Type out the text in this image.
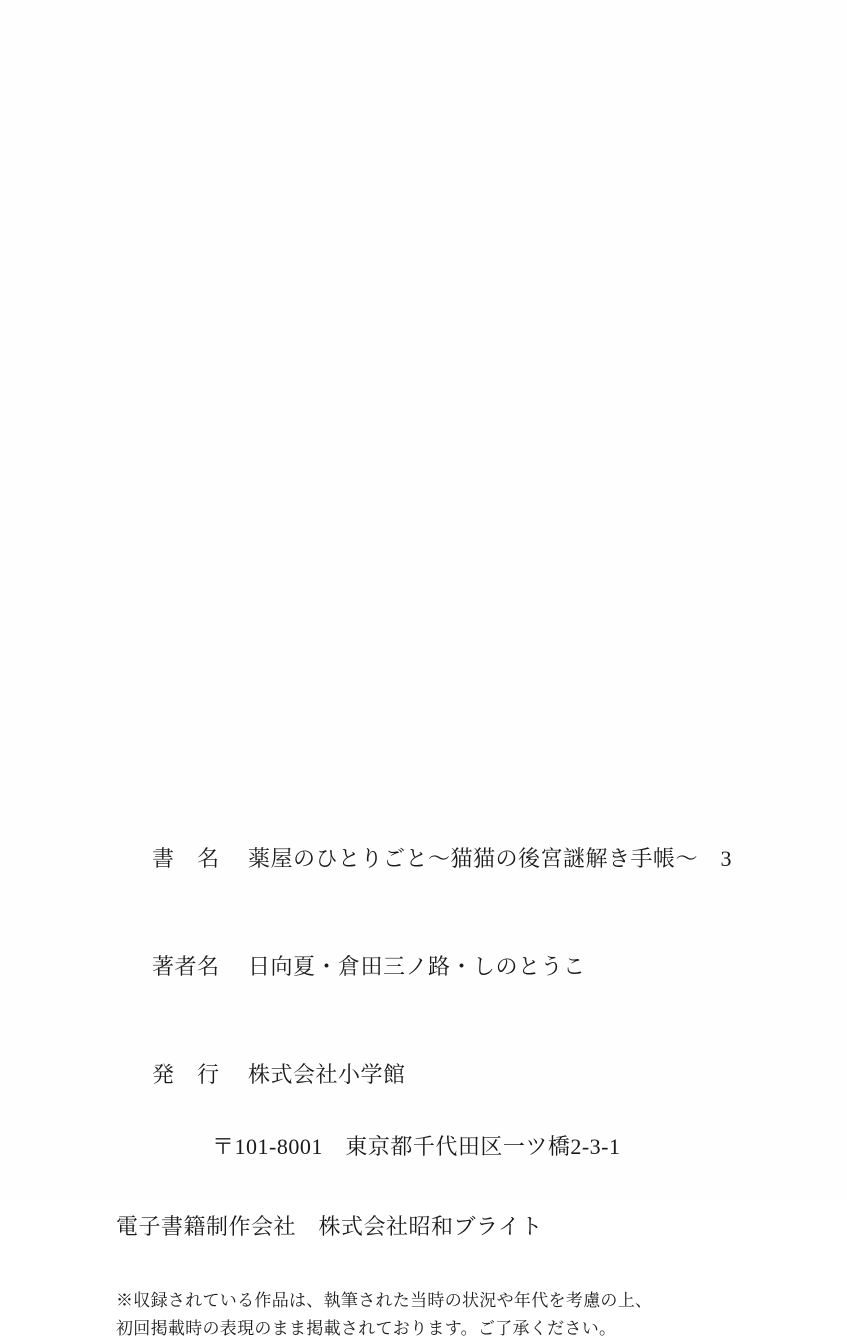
書　名 薬屋のひとりごと〜猫猫の後宮謎解き手帳〜　3

著者名 日向夏・倉田三ノ路・しのとうこ

発　行 株式会社小学館

〒101‐8001　東京都千代田区一ツ橋2‐3‐1
電子書籍制作会社　株式会社昭和ブライト
※収録されている作品は、執筆された当時の状況や年代を考慮の上、
初回掲載時の表現のまま掲載されております。ご了承ください。
